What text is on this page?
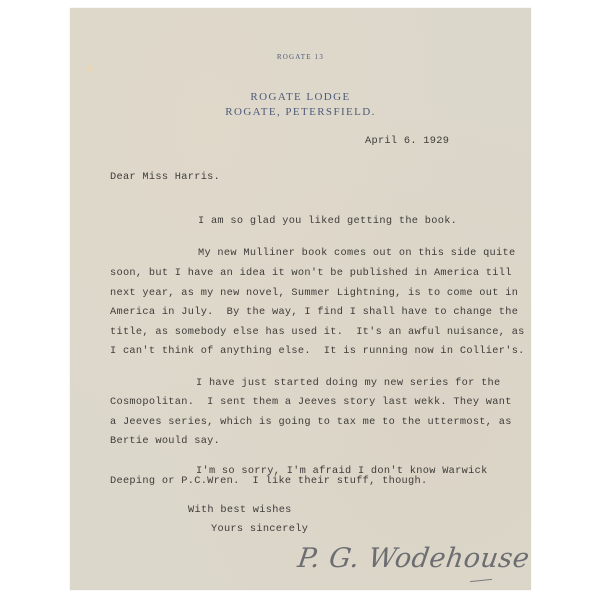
ROGATE 13
ROGATE LODGE
ROGATE, PETERSFIELD.
April 6. 1929
Dear Miss Harris.
I am so glad you liked getting the book.
My new Mulliner book comes out on this side quite
soon, but I have an idea it won't be published in America till
next year, as my new novel, Summer Lightning, is to come out in
America in July.  By the way, I find I shall have to change the
title, as somebody else has used it.  It's an awful nuisance, as
I can't think of anything else.  It is running now in Collier's.
I have just started doing my new series for the
Cosmopolitan.  I sent them a Jeeves story last wekk. They want
a Jeeves series, which is going to tax me to the uttermost, as
Bertie would say.
I'm so sorry, I'm afraid I don't know Warwick
Deeping or P.C.Wren.  I like their stuff, though.
With best wishes
Yours sincerely
P. G. Wodehouse
